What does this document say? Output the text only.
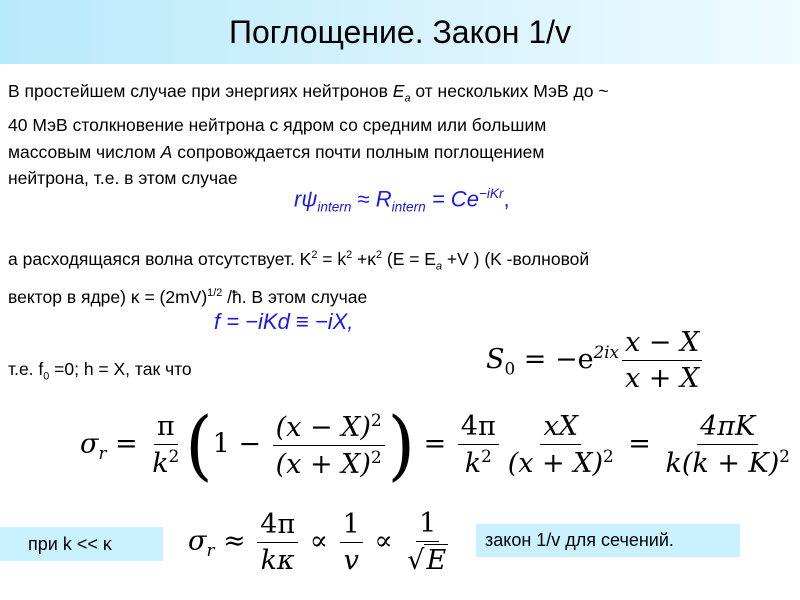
Поглощение. Закон 1/v
В простейшем случае при энергиях нейтронов $E_a$ от нескольких МэВ до ~
40 МэВ столкновение нейтрона с ядром со средним или большим
массовым числом A сопровождается почти полным поглощением
нейтрона, т.е. в этом случае
$r\psi_{intern} \approx R_{intern} = Ce^{-iKr}$,
а расходящаяся волна отсутствует. $K^2 = k^2 +\kappa^2$ ($E = E_a +V$ ) (K -волновой
вектор в ядре) $\kappa = (2mV)^{1/2}$ /ħ. В этом случае
f = −iKd ≡ −iX,
т.е. $f_0 =0$; h = X, так что	$S_0 = -e^{2ix} \frac{x - X}{x + X}$
$\sigma_r = \frac{\pi}{k^2} (1 - \frac{(x - X)^2}{(x + X)^2}$ ) = $\frac{4\pi}{k^2} \frac{xX}{(x + X)^2} = \frac{4\pi K}{k(k + K)^2}$
при k << κ	закон 1/v для сечений.
$\sigma_r \approx \frac{4\pi}{k\kappa} \propto \frac{1}{v} \propto \frac{1}{√ E}$
